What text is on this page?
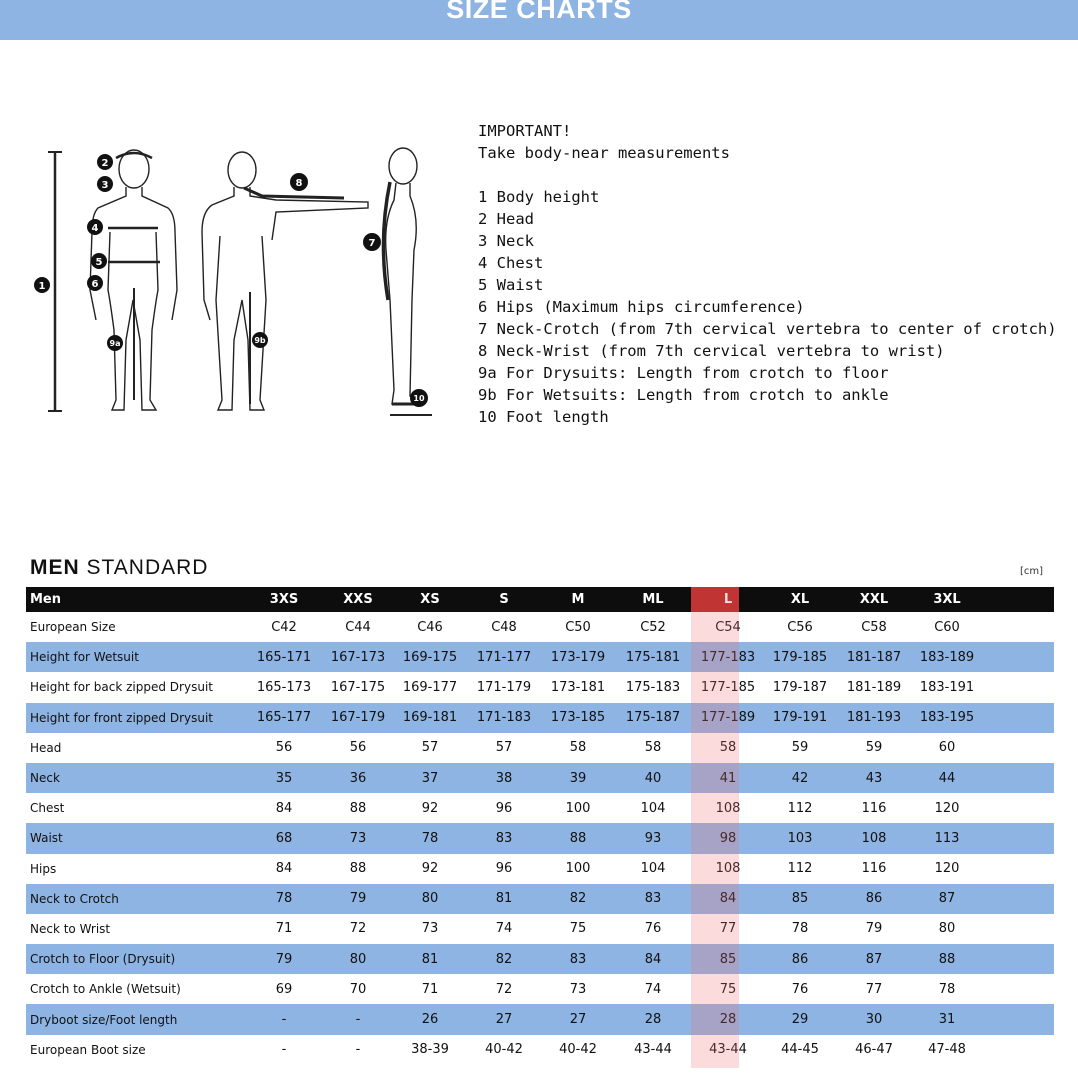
SIZE CHARTS
1
2
3
4
5
6
7
8
9a	9b
10
IMPORTANT!
Take body-near measurements
1 Body height
2 Head
3 Neck
4 Chest
5 Waist
6 Hips (Maximum hips circumference)
7 Neck-Crotch (from 7th cervical vertebra to center of crotch)
8 Neck-Wrist (from 7th cervical vertebra to wrist)
9a For Drysuits: Length from crotch to floor
9b For Wetsuits: Length from crotch to ankle
10 Foot length
MEN STANDARD	[cm]
Men	3XS	XXS	XS	S	M	ML	L	XL	XXL	3XL
European Size	C42	C44	C46	C48	C50	C52	C54	C56	C58	C60
Height for Wetsuit	165-171	167-173	169-175	171-177	173-179	175-181	177-183	179-185	181-187	183-189
Height for back zipped Drysuit	165-173	167-175	169-177	171-179	173-181	175-183	177-185	179-187	181-189	183-191
Height for front zipped Drysuit	165-177	167-179	169-181	171-183	173-185	175-187	177-189	179-191	181-193	183-195
Head	56	56	57	57	58	58	58	59	59	60
Neck	35	36	37	38	39	40	41	42	43	44
Chest	84	88	92	96	100	104	108	112	116	120
Waist	68	73	78	83	88	93	98	103	108	113
Hips	84	88	92	96	100	104	108	112	116	120
Neck to Crotch	78	79	80	81	82	83	84	85	86	87
Neck to Wrist	71	72	73	74	75	76	77	78	79	80
Crotch to Floor (Drysuit)	79	80	81	82	83	84	85	86	87	88
Crotch to Ankle (Wetsuit)	69	70	71	72	73	74	75	76	77	78
Dryboot size/Foot length	-	-	26	27	27	28	28	29	30	31
European Boot size	-	-	38-39	40-42	40-42	43-44	43-44	44-45	46-47	47-48
